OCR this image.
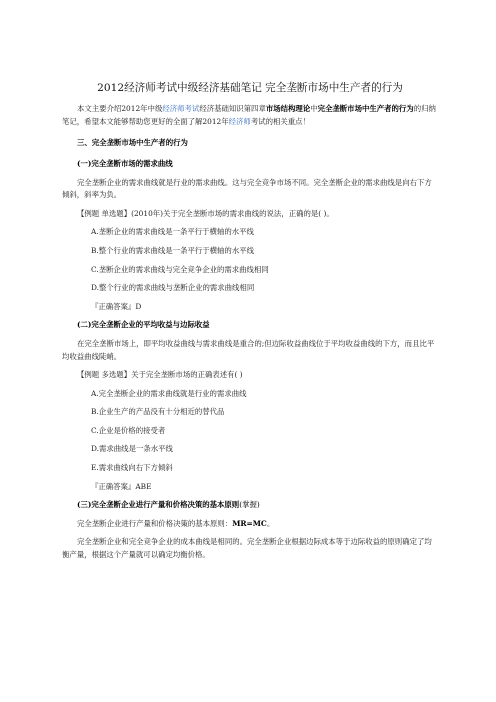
2012经济师考试中级经济基础笔记 完全垄断市场中生产者的行为

本文主要介绍2012年中级经济师考试经济基础知识第四章市场结构理论中完全垄断市场中生产者的行为的归纳笔记，希望本文能够帮助您更好的全面了解2012年经济师考试的相关重点！

三、完全垄断市场中生产者的行为

(一)完全垄断市场的需求曲线

完全垄断企业的需求曲线就是行业的需求曲线。这与完全竞争市场不同。完全垄断企业的需求曲线是向右下方倾斜，斜率为负。

【例题 单选题】(2010年)关于完全垄断市场的需求曲线的说法，正确的是( )。

A.垄断企业的需求曲线是一条平行于横轴的水平线

B.整个行业的需求曲线是一条平行于横轴的水平线

C.垄断企业的需求曲线与完全竞争企业的需求曲线相同

D.整个行业的需求曲线与垄断企业的需求曲线相同

『正确答案』D

(二)完全垄断企业的平均收益与边际收益

在完全垄断市场上，即平均收益曲线与需求曲线是重合的;但边际收益曲线位于平均收益曲线的下方，而且比平均收益曲线陡峭。

【例题 多选题】关于完全垄断市场的正确表述有( )

A.完全垄断企业的需求曲线就是行业的需求曲线

B.企业生产的产品没有十分相近的替代品

C.企业是价格的接受者

D.需求曲线是一条水平线

E.需求曲线向右下方倾斜

『正确答案』ABE

(三)完全垄断企业进行产量和价格决策的基本原则(掌握)

完全垄断企业进行产量和价格决策的基本原则：MR=MC。

完全垄断企业和完全竞争企业的成本曲线是相同的。完全垄断企业根据边际成本等于边际收益的原则确定了均衡产量，根据这个产量就可以确定均衡价格。
